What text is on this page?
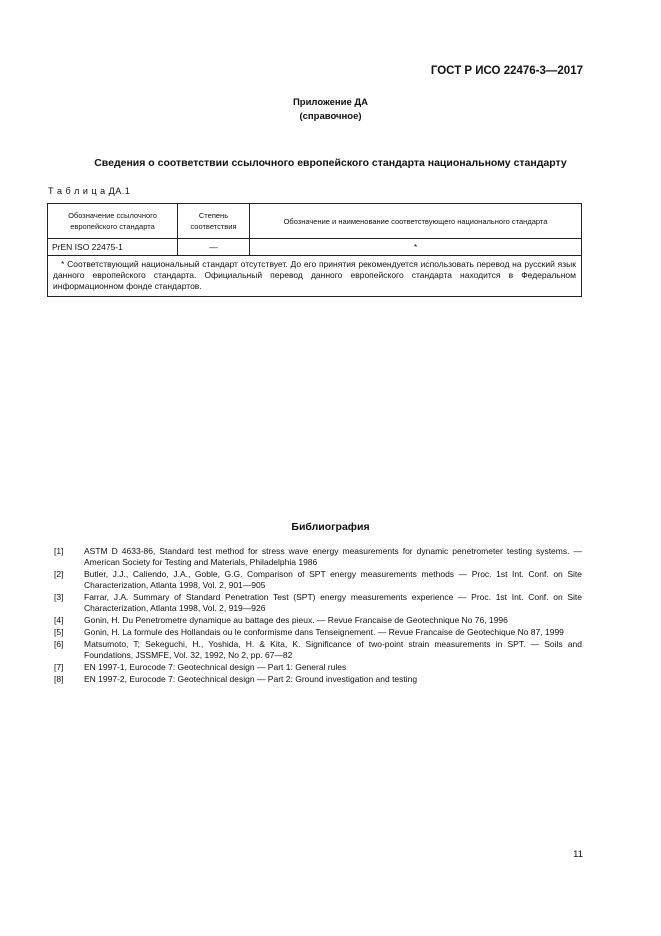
ГОСТ Р ИСО 22476-3—2017
Приложение ДА
(справочное)
Сведения о соответствии ссылочного европейского стандарта национальному стандарту
Т а б л и ц а ДА.1
Обозначение ссылочного европейского стандарта	Степень соответствия	Обозначение и наименование соответствующего национального стандарта
PrEN ISO 22475-1	—	*
* Соответствующий национальный стандарт отсутствует. До его принятия рекомендуется использовать перевод на русский язык данного европейского стандарта. Официальный перевод данного европейского стандарта находится в Федеральном информационном фонде стандартов.		
Библиография
[1]	ASTM D 4633-86, Standard test method for stress wave energy measurements for dynamic penetrometer testing systems. — American Society for Testing and Materials, Philadelphia 1986
[2]	Butler, J.J., Caliendo, J.A., Goble, G.G. Comparison of SPT energy measurements methods — Proc. 1st Int. Conf. on Site Characterization, Atlanta 1998, Vol. 2, 901—905
[3]	Farrar, J.A. Summary of Standard Penetration Test (SPT) energy measurements experience — Proc. 1st Int. Conf. on Site Characterization, Atlanta 1998, Vol. 2, 919—926
[4]	Gonin, H. Du Penetrometre dynamique au battage des pieux. — Revue Francaise de Geotechnique No 76, 1996
[5]	Gonin, H. La formule des Hollandais ou le conformisme dans Tenseignement. — Revue Francaise de Geotechique No 87, 1999
[6]	Matsumoto, T; Sekeguchi, H., Yoshida, H. & Kita, K. Significance of two-point strain measurements in SPT. — Soils and Foundations, JSSMFE, Vol. 32, 1992, No 2, pp. 67—82
[7]	EN 1997-1, Eurocode 7: Geotechnical design — Part 1: General rules
[8]	EN 1997-2, Eurocode 7: Geotechnical design — Part 2: Ground investigation and testing
11
